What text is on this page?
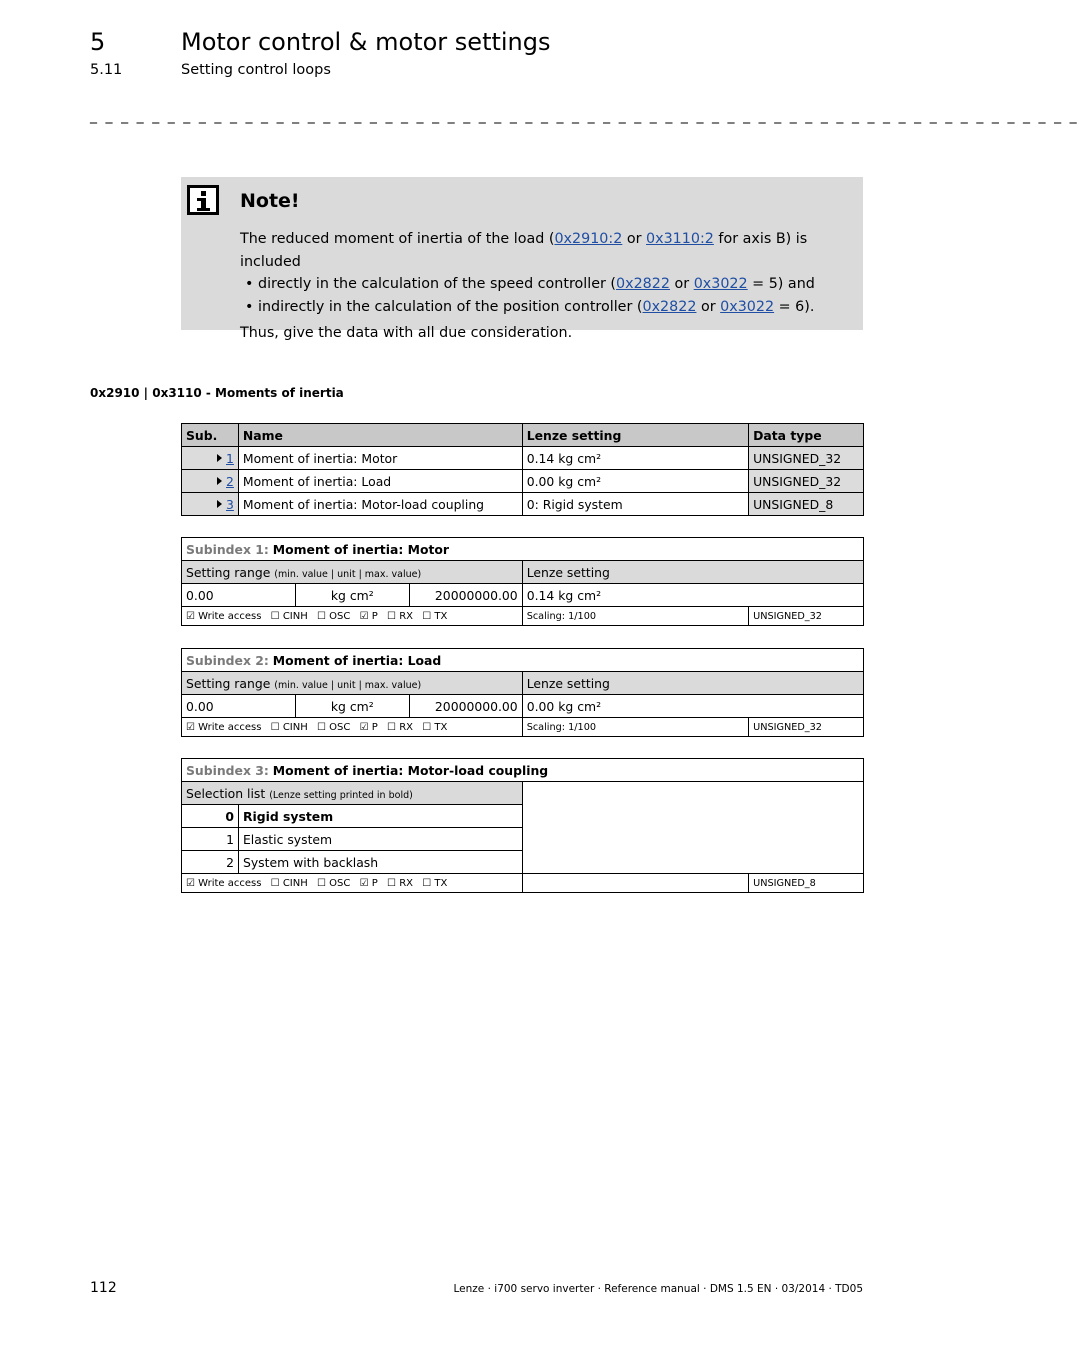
5	Motor control & motor settings
5.11	Setting control loops
_ _ _ _ _ _ _ _ _ _ _ _ _ _ _ _ _ _ _ _ _ _ _ _ _ _ _ _ _ _ _ _ _ _ _ _ _ _ _ _ _ _ _ _ _ _ _ _ _ _ _ _ _ _ _ _ _ _ _ _ _ _ _ _
Note!
The reduced moment of inertia of the load (0x2910:2 or 0x3110:2 for axis B) is included
• directly in the calculation of the speed controller (0x2822 or 0x3022 = 5) and
• indirectly in the calculation of the position controller (0x2822 or 0x3022 = 6).
Thus, give the data with all due consideration.
0x2910 | 0x3110 - Moments of inertia
Sub.	Name	Lenze setting	Data type
1	Moment of inertia: Motor	0.14 kg cm²	UNSIGNED_32
2	Moment of inertia: Load	0.00 kg cm²	UNSIGNED_32
3	Moment of inertia: Motor-load coupling	0: Rigid system	UNSIGNED_8
Subindex 1: Moment of inertia: Motor				
Setting range (min. value | unit | max. value)			Lenze setting	
0.00	kg cm²	20000000.00	0.14 kg cm²	
☑ Write access ☐ CINH ☐ OSC ☑ P ☐ RX ☐ TX			Scaling: 1/100	UNSIGNED_32
Subindex 2: Moment of inertia: Load				
Setting range (min. value | unit | max. value)			Lenze setting	
0.00	kg cm²	20000000.00	0.00 kg cm²	
☑ Write access ☐ CINH ☐ OSC ☑ P ☐ RX ☐ TX			Scaling: 1/100	UNSIGNED_32
Subindex 3: Moment of inertia: Motor-load coupling			
Selection list (Lenze setting printed in bold)			
0	Rigid system		
1	Elastic system		
2	System with backlash		
☑ Write access ☐ CINH ☐ OSC ☑ P ☐ RX ☐ TX			UNSIGNED_8
112	Lenze · i700 servo inverter · Reference manual · DMS 1.5 EN · 03/2014 · TD05
